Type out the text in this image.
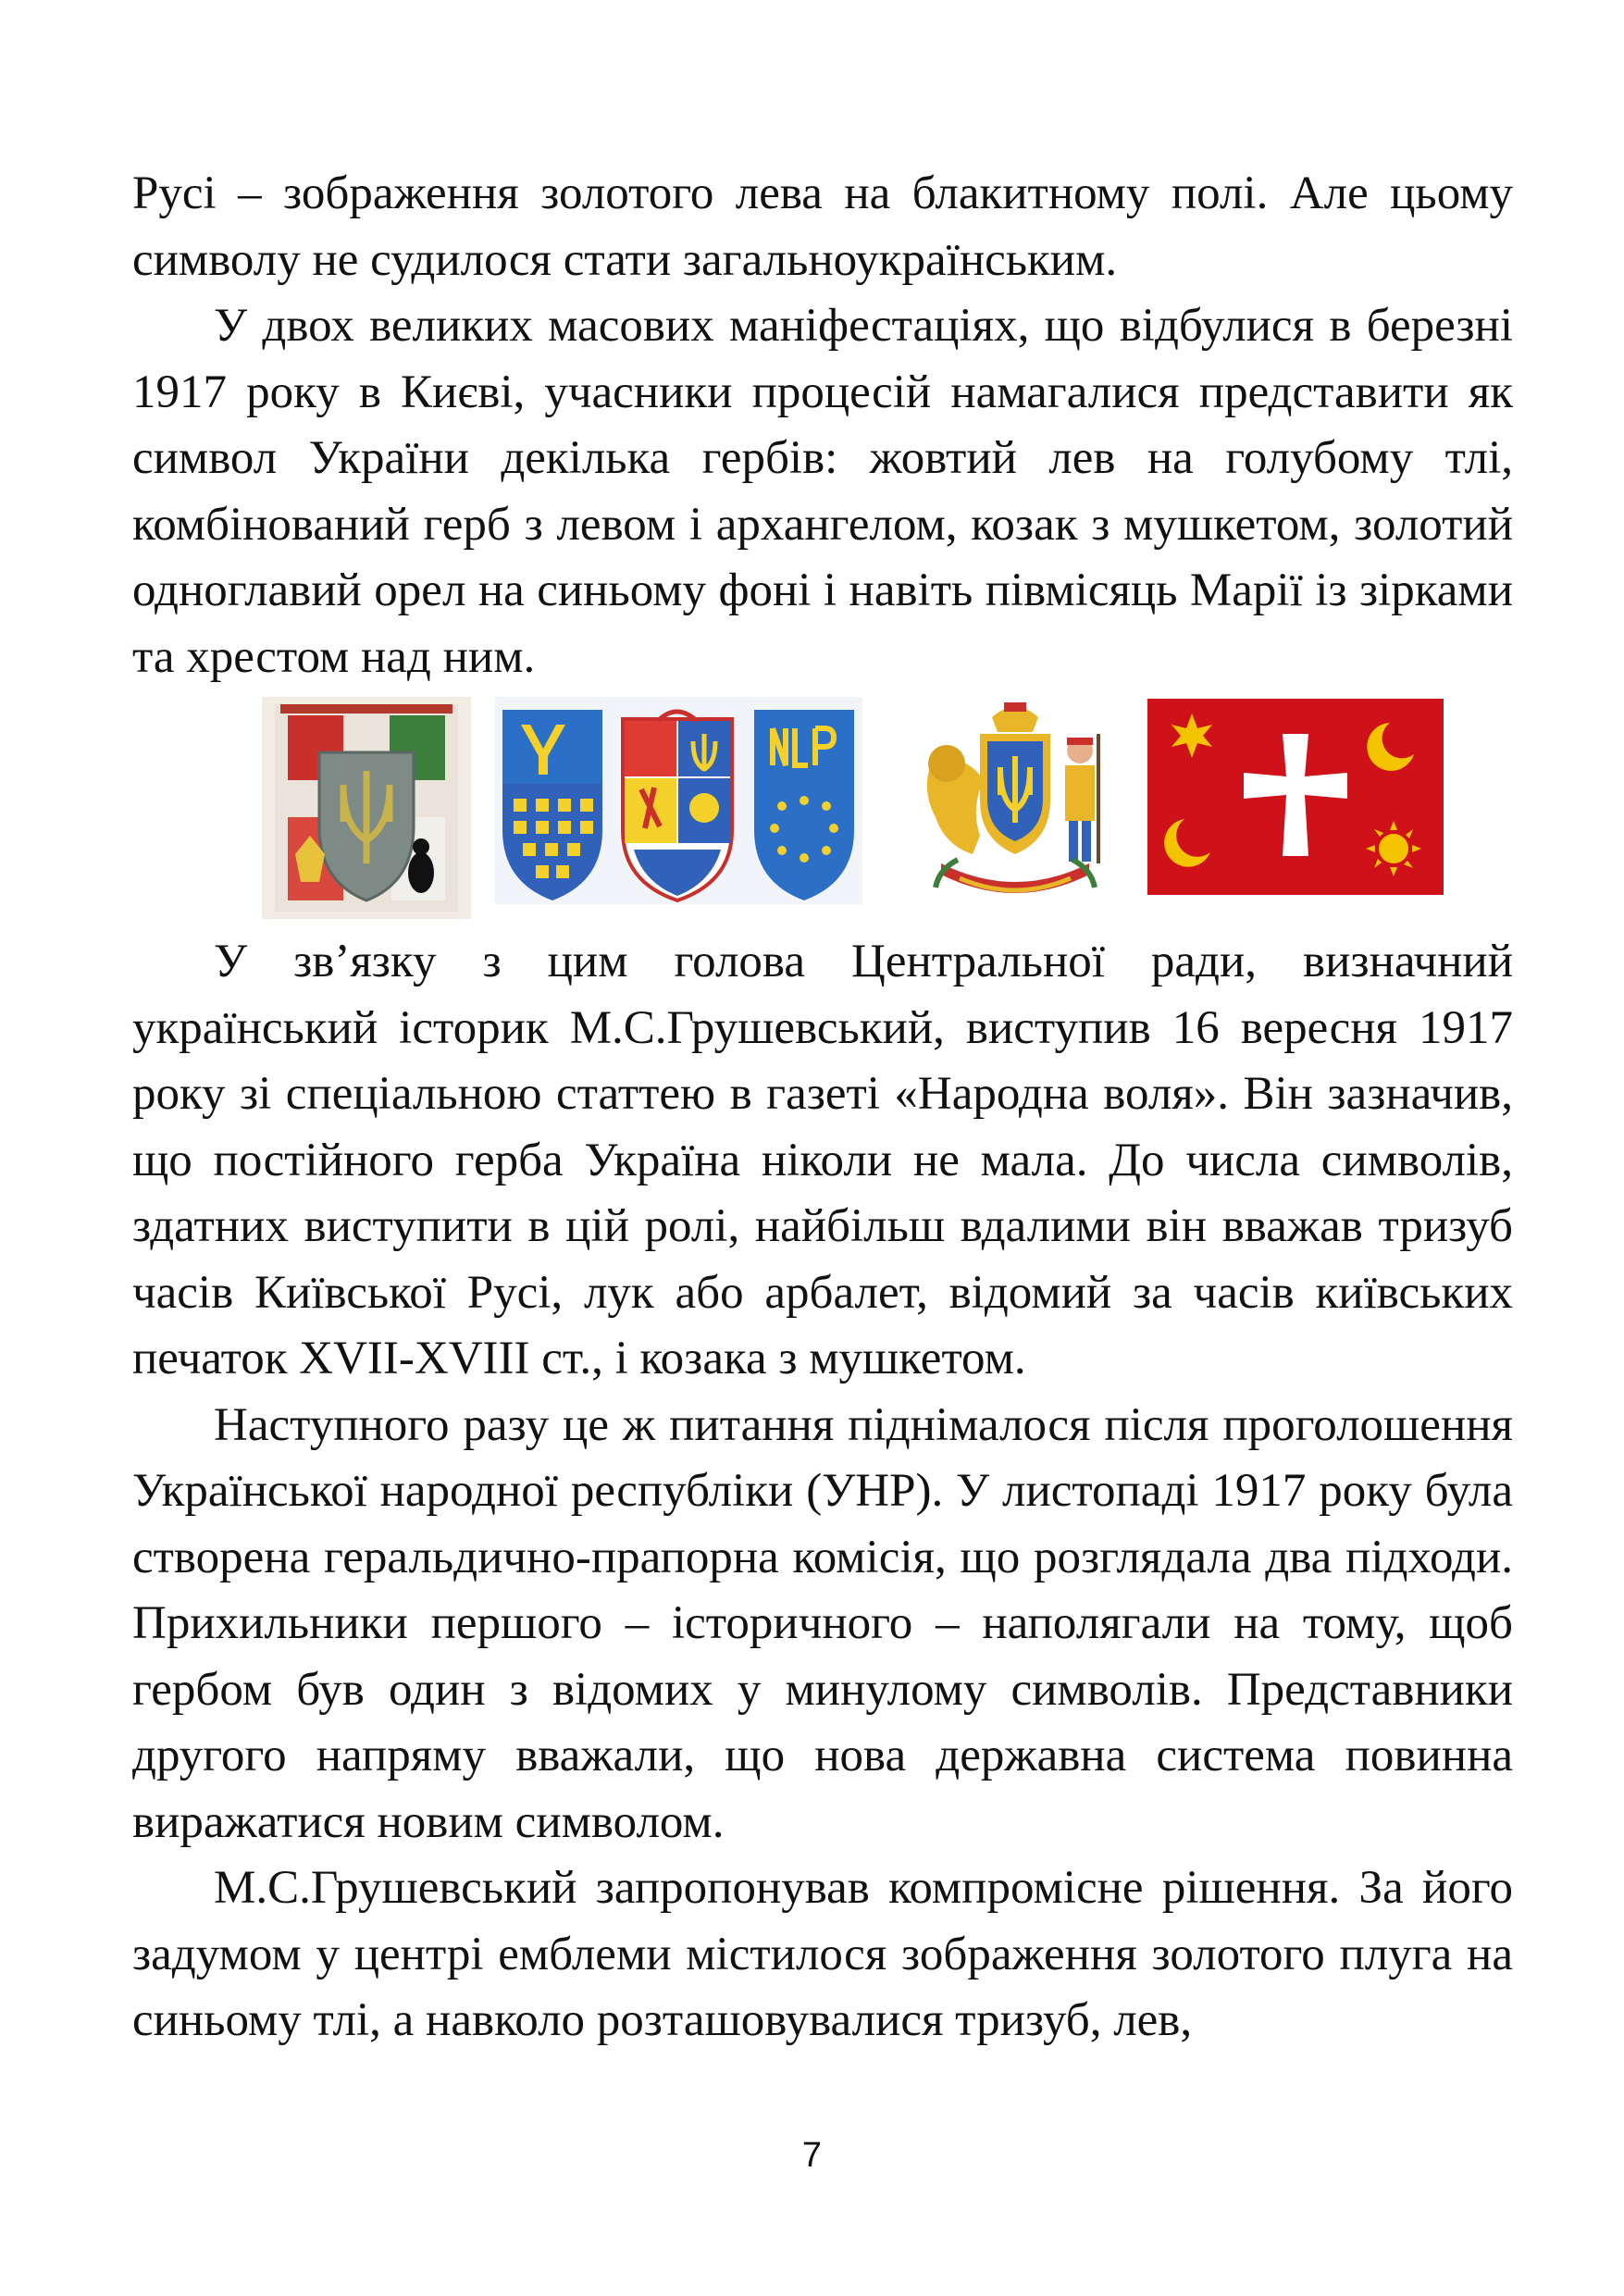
Русі – зображення золотого лева на блакитному полі. Але цьому символу не судилося стати загальноукраїнським.

У двох великих масових маніфестаціях, що відбулися в березні 1917 року в Києві, учасники процесій намагалися представити як символ України декілька гербів: жовтий лев на голубому тлі, комбінований герб з левом і архангелом, козак з мушкетом, золотий одноглавий орел на синьому фоні і навіть півмісяць Марії із зірками та хрестом над ним.

У зв’язку з цим голова Центральної ради, визначний український історик М.С.Грушевський, виступив 16 вересня 1917 року зі спеціальною статтею в газеті «Народна воля». Він зазначив, що постійного герба Україна ніколи не мала. До числа символів, здатних виступити в цій ролі, найбільш вдалими він вважав тризуб часів Київської Русі, лук або арбалет, відомий за часів київських печаток XVII-XVIII ст., і козака з мушкетом.

Наступного разу це ж питання піднімалося після проголошення Української народної республіки (УНР). У листопаді 1917 року була створена геральдично-прапорна комісія, що розглядала два підходи. Прихильники першого – історичного – наполягали на тому, щоб гербом був один з відомих у минулому символів. Представники другого напряму вважали, що нова державна система повинна виражатися новим символом.

М.С.Грушевський запропонував компромісне рішення. За його задумом у центрі емблеми містилося зображення золотого плуга на синьому тлі, а навколо розташовувалися тризуб, лев,

7
